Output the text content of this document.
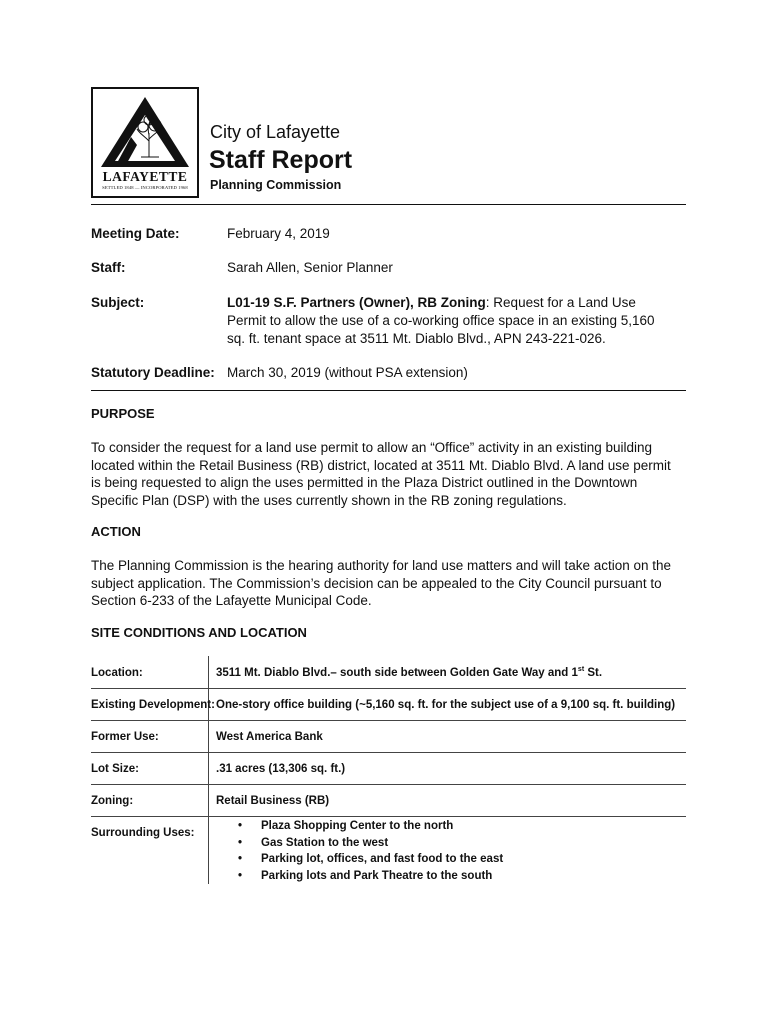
LAFAYETTE
SETTLED 1848 — INCORPORATED 1968
City of Lafayette
Staff Report
Planning Commission
Meeting Date:	February 4, 2019
Staff:	Sarah Allen, Senior Planner
Subject:	L01-19 S.F. Partners (Owner), RB Zoning: Request for a Land Use Permit to allow the use of a co-working office space in an existing 5,160 sq. ft. tenant space at 3511 Mt. Diablo Blvd., APN 243-221-026.
Statutory Deadline: March 30, 2019 (without PSA extension)
PURPOSE
To consider the request for a land use permit to allow an “Office” activity in an existing building located within the Retail Business (RB) district, located at 3511 Mt. Diablo Blvd. A land use permit is being requested to align the uses permitted in the Plaza District outlined in the Downtown Specific Plan (DSP) with the uses currently shown in the RB zoning regulations.
ACTION
The Planning Commission is the hearing authority for land use matters and will take action on the subject application. The Commission’s decision can be appealed to the City Council pursuant to Section 6-233 of the Lafayette Municipal Code.
SITE CONDITIONS AND LOCATION
Location:	3511 Mt. Diablo Blvd.– south side between Golden Gate Way and 1st St.
Existing Development: One-story office building (~5,160 sq. ft. for the subject use of a 9,100 sq. ft. building)
Former Use:	West America Bank
Lot Size:	.31 acres (13,306 sq. ft.)
Zoning:	Retail Business (RB)
Surrounding Uses:
• Plaza Shopping Center to the north
• Gas Station to the west
• Parking lot, offices, and fast food to the east
• Parking lots and Park Theatre to the south
